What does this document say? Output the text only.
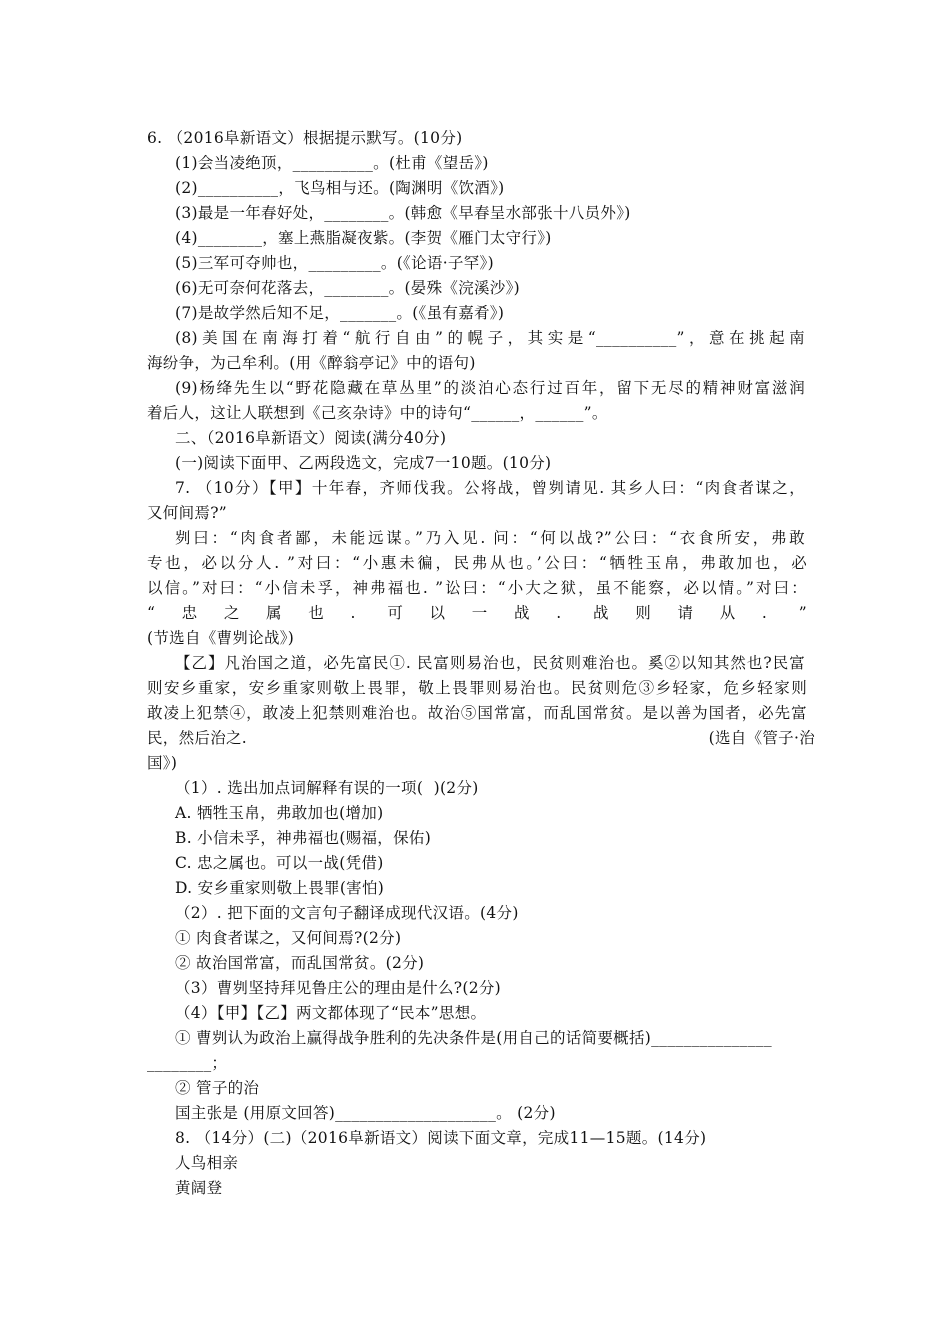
6. （2016阜新语文）根据提示默写。(10分)
(1)会当凌绝顶，__________。(杜甫《望岳》)
(2)__________，飞鸟相与还。(陶渊明《饮酒》)
(3)最是一年春好处，________。(韩愈《早春呈水部张十八员外》)
(4)________，塞上燕脂凝夜紫。(李贺《雁门太守行》)
(5)三军可夺帅也，_________。(《论语·子罕》)
(6)无可奈何花落去，________。(晏殊《浣溪沙》)
(7)是故学然后知不足，_______。(《虽有嘉肴》)
(8)美国在南海打着“航行自由”的幌子，其实是“__________”，意在挑起南
海纷争，为己牟利。(用《醉翁亭记》中的语句)
(9)杨绛先生以“野花隐藏在草丛里”的淡泊心态行过百年，留下无尽的精神财富滋润
着后人，这让人联想到《己亥杂诗》中的诗句“______，______”。
二、（2016阜新语文）阅读(满分40分)
(一)阅读下面甲、乙两段选文，完成7一10题。(10分)
7. （10分）【甲】十年春，齐师伐我。公将战，曾刿请见. 其乡人曰：“肉食者谋之，
又何间焉?”
刿曰：“肉食者鄙，未能远谋。”乃入见. 问：“何以战?”公曰：“衣食所安，弗敢
专也，必以分人. ”对曰：“小惠未徧，民弗从也。’公曰：“牺牲玉帛，弗敢加也，必
以信。”对曰：“小信未孚，神弗福也. ”讼曰：“小大之狱，虽不能察，必以情。”对曰：
“忠之属也. 可以一战. 战则请从. ”
(节选自《曹刿论战》)
【乙】凡治国之道，必先富民①. 民富则易治也，民贫则难治也。奚②以知其然也?民富
则安乡重家，安乡重家则敬上畏罪，敬上畏罪则易治也。民贫则危③乡轻家，危乡轻家则
敢凌上犯禁④，敢凌上犯禁则难治也。故治⑤国常富，而乱国常贫。是以善为国者，必先富
民，然后治之.	(选自《管子·治
国》)
（1）. 选出加点词解释有误的一项(  )(2分)
A. 牺牲玉帛，弗敢加也(增加)
B. 小信未孚，神弗福也(赐福，保佑)
C. 忠之属也。可以一战(凭借)
D. 安乡重家则敬上畏罪(害怕)
（2）. 把下面的文言句子翻译成现代汉语。(4分)
① 肉食者谋之，又何间焉?(2分)
② 故治国常富，而乱国常贫。(2分)
（3）曹刿坚持拜见鲁庄公的理由是什么?(2分)
（4）【甲】【乙】两文都体现了“民本”思想。
① 曹刿认为政治上赢得战争胜利的先决条件是(用自己的话简要概括)_______________
________；
② 管子的治
国主张是 (用原文回答)____________________。 (2分)
8. （14分）(二)（2016阜新语文）阅读下面文章，完成11—15题。(14分)
人鸟相亲
黄阔登
